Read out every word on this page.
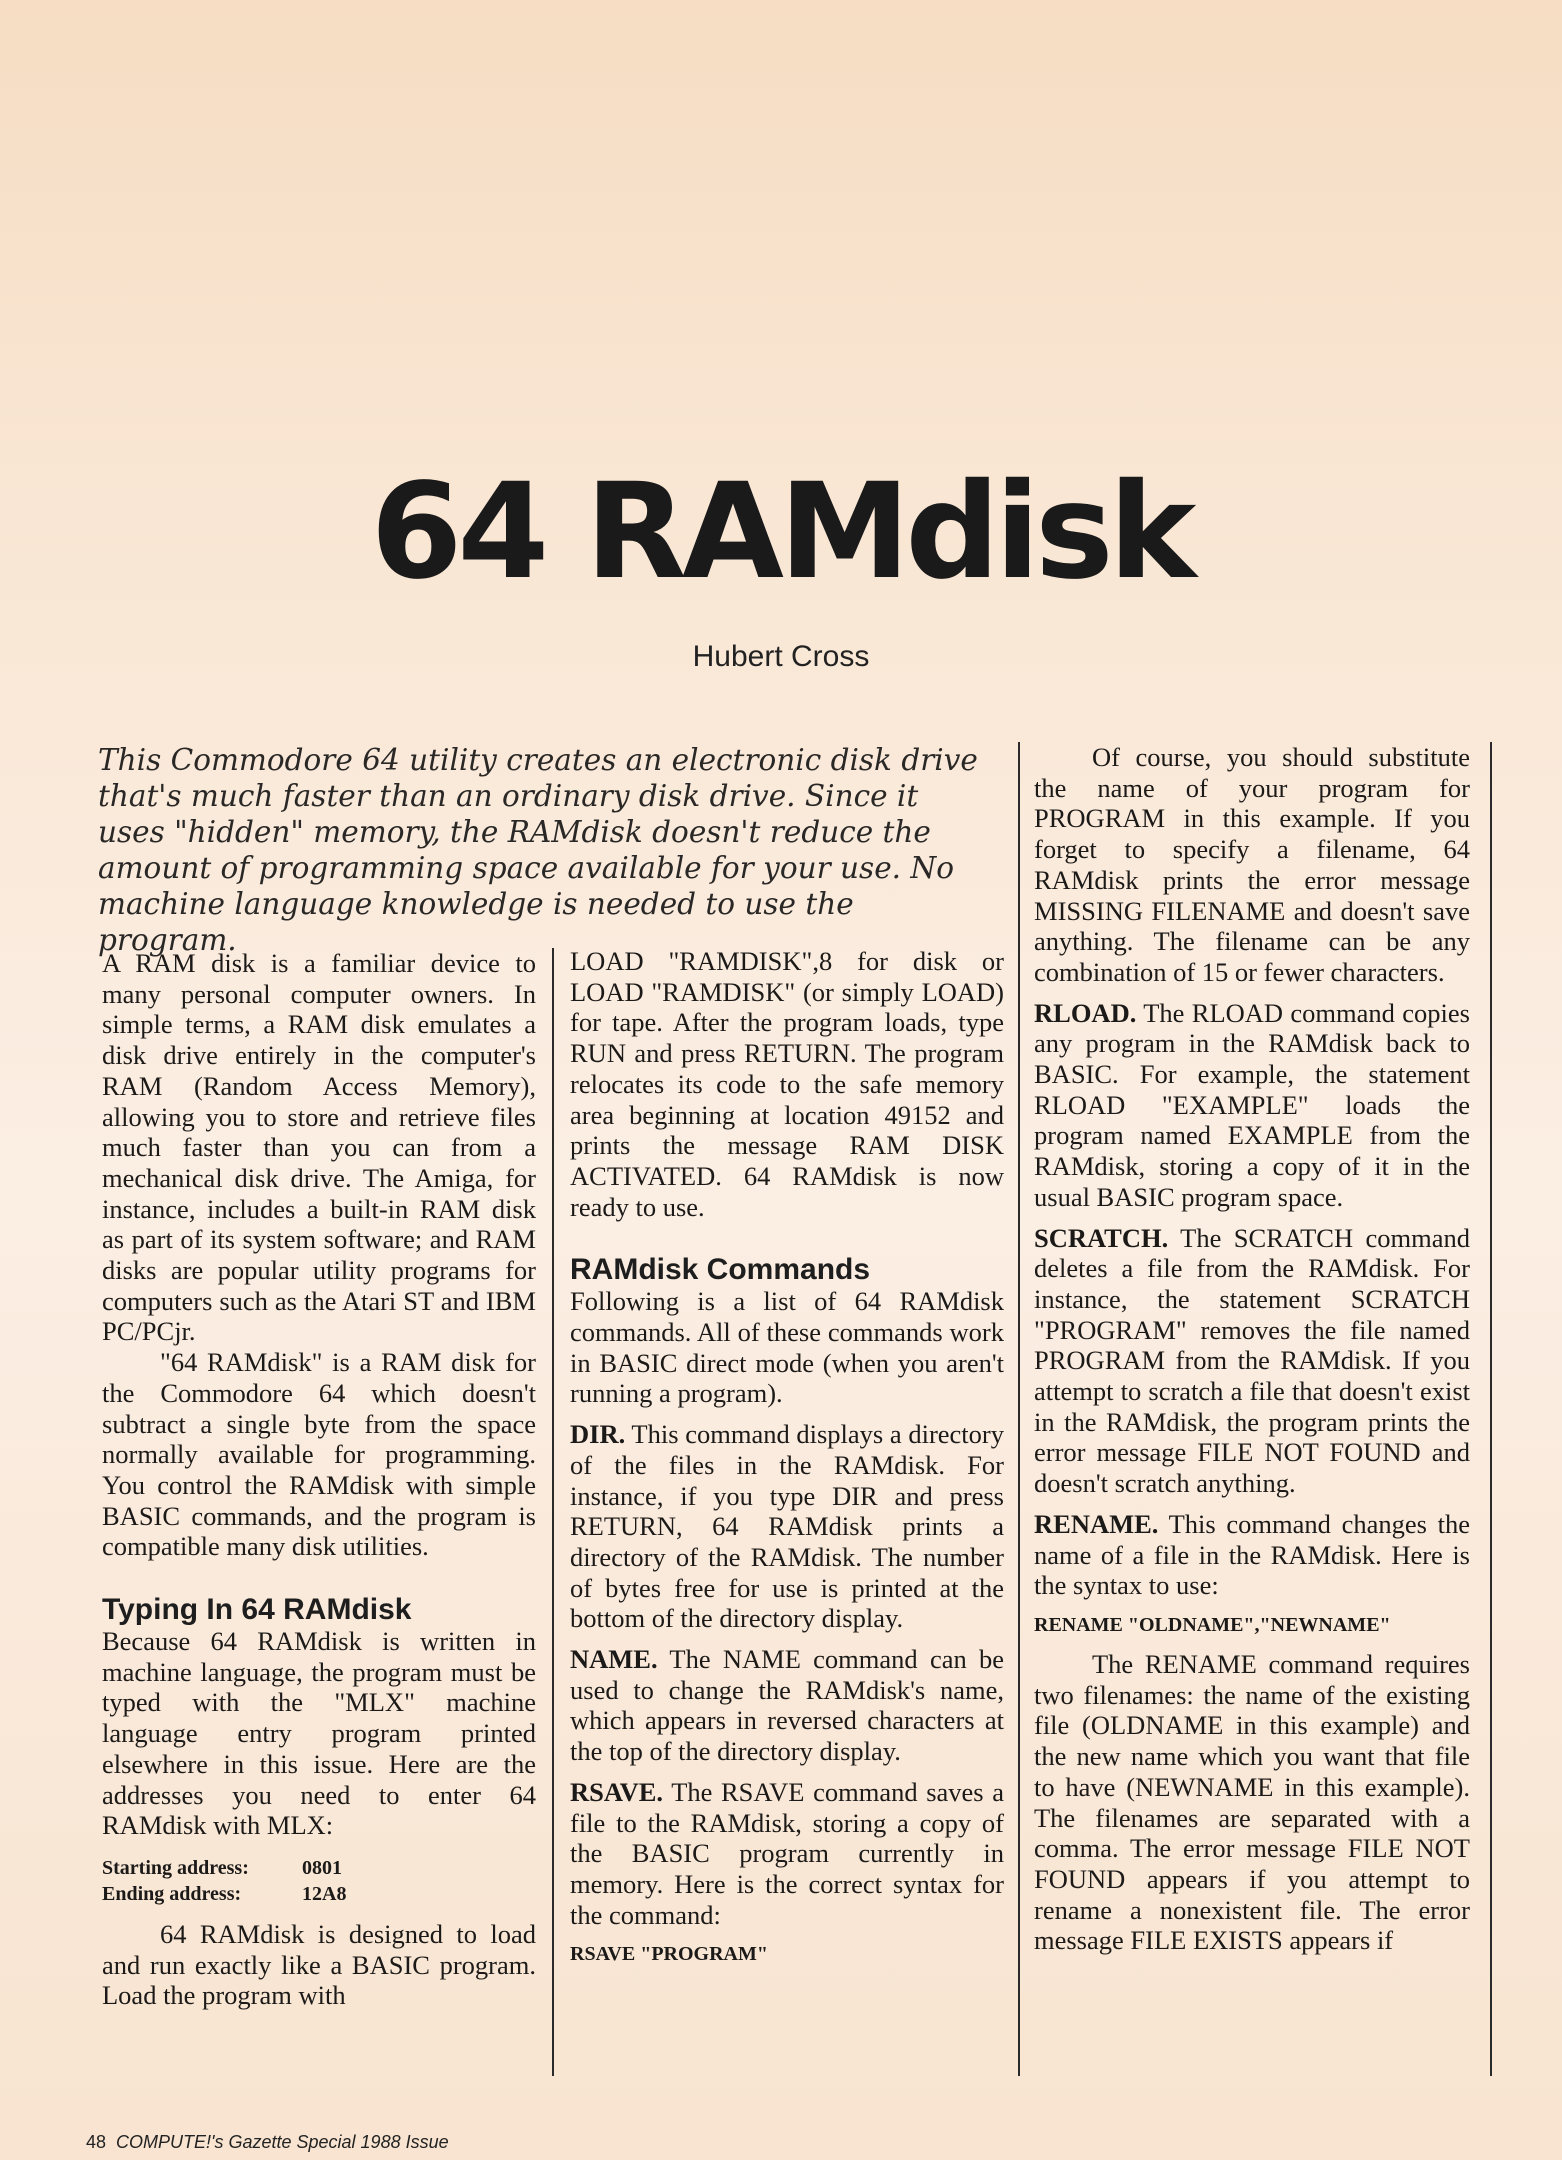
64 RAMdisk
Hubert Cross
This Commodore 64 utility creates an electronic disk drive that's much faster than an ordinary disk drive. Since it uses "hidden" memory, the RAMdisk doesn't reduce the amount of programming space available for your use. No machine language knowledge is needed to use the program.

A RAM disk is a familiar device to many personal computer owners. In simple terms, a RAM disk emulates a disk drive entirely in the computer's RAM (Random Access Memory), allowing you to store and retrieve files much faster than you can from a mechanical disk drive. The Amiga, for instance, includes a built-in RAM disk as part of its system software; and RAM disks are popular utility programs for computers such as the Atari ST and IBM PC/PCjr.

"64 RAMdisk" is a RAM disk for the Commodore 64 which doesn't subtract a single byte from the space normally available for programming. You control the RAMdisk with simple BASIC commands, and the program is compatible many disk utilities.

Typing In 64 RAMdisk

Because 64 RAMdisk is written in machine language, the program must be typed with the "MLX" machine language entry program printed elsewhere in this issue. Here are the addresses you need to enter 64 RAMdisk with MLX:

Starting address:	0801
Ending address:	12A8

64 RAMdisk is designed to load and run exactly like a BASIC program. Load the program with

LOAD "RAMDISK",8 for disk or LOAD "RAMDISK" (or simply LOAD) for tape. After the program loads, type RUN and press RETURN. The program relocates its code to the safe memory area beginning at location 49152 and prints the message RAM DISK ACTIVATED. 64 RAMdisk is now ready to use.

RAMdisk Commands

Following is a list of 64 RAMdisk commands. All of these commands work in BASIC direct mode (when you aren't running a program).

DIR. This command displays a directory of the files in the RAMdisk. For instance, if you type DIR and press RETURN, 64 RAMdisk prints a directory of the RAMdisk. The number of bytes free for use is printed at the bottom of the directory display.

NAME. The NAME command can be used to change the RAMdisk's name, which appears in reversed characters at the top of the directory display.

RSAVE. The RSAVE command saves a file to the RAMdisk, storing a copy of the BASIC program currently in memory. Here is the correct syntax for the command:

RSAVE "PROGRAM"

Of course, you should substitute the name of your program for PROGRAM in this example. If you forget to specify a filename, 64 RAMdisk prints the error message MISSING FILENAME and doesn't save anything. The filename can be any combination of 15 or fewer characters.

RLOAD. The RLOAD command copies any program in the RAMdisk back to BASIC. For example, the statement RLOAD "EXAMPLE" loads the program named EXAMPLE from the RAMdisk, storing a copy of it in the usual BASIC program space.

SCRATCH. The SCRATCH command deletes a file from the RAMdisk. For instance, the statement SCRATCH "PROGRAM" removes the file named PROGRAM from the RAMdisk. If you attempt to scratch a file that doesn't exist in the RAMdisk, the program prints the error message FILE NOT FOUND and doesn't scratch anything.

RENAME. This command changes the name of a file in the RAMdisk. Here is the syntax to use:

RENAME "OLDNAME","NEWNAME"

The RENAME command requires two filenames: the name of the existing file (OLDNAME in this example) and the new name which you want that file to have (NEWNAME in this example). The filenames are separated with a comma. The error message FILE NOT FOUND appears if you attempt to rename a nonexistent file. The error message FILE EXISTS appears if

48 COMPUTE!'s Gazette Special 1988 Issue
